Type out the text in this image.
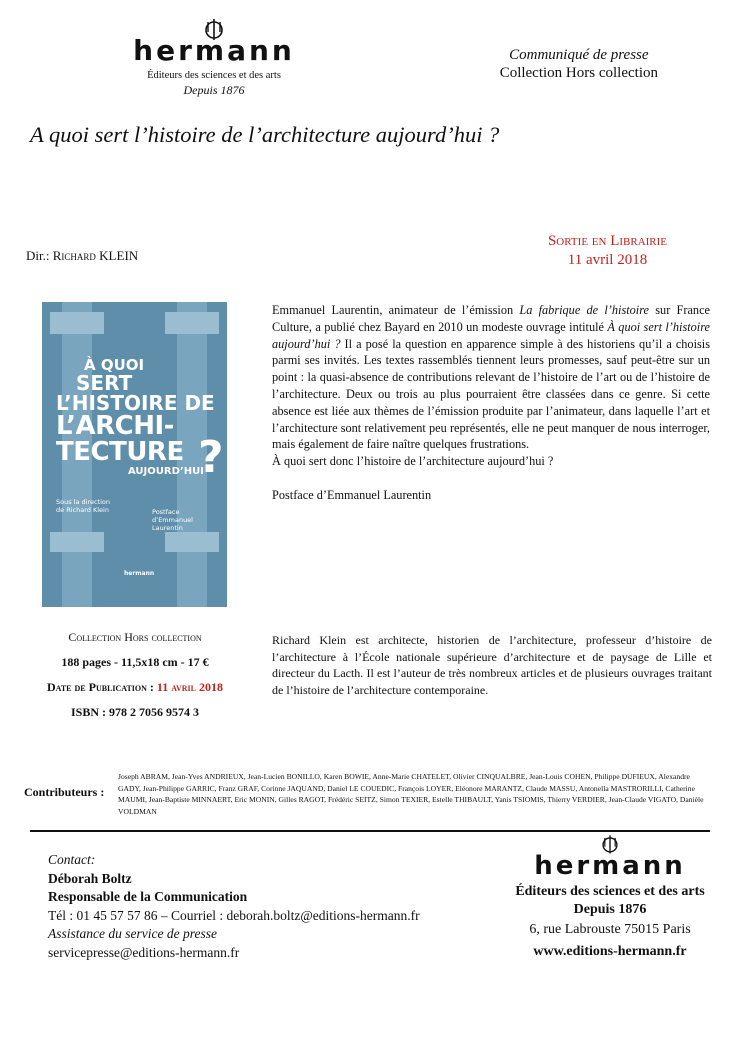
hermann
Éditeurs des sciences et des arts
Depuis 1876
Communiqué de presse
Collection Hors collection
A quoi sert l’histoire de l’architecture aujourd’hui ?
Dir.: Richard KLEIN
Sortie en Librairie
11 avril 2018
À QUOI
SERT
L’HISTOIRE DE
L’ARCHI-
TECTURE
AUJOURD’HUI
?
Sous la direction de Richard Klein	Postface d’Emmanuel Laurentin
hermann

Emmanuel Laurentin, animateur de l’émission La fabrique de l’histoire sur France Culture, a publié chez Bayard en 2010 un modeste ouvrage intitulé À quoi sert l’histoire aujourd’hui ? Il a posé la question en apparence simple à des historiens qu’il a choisis parmi ses invités. Les textes rassemblés tiennent leurs promesses, sauf peut-être sur un point : la quasi-absence de contributions relevant de l’histoire de l’art ou de l’histoire de l’architecture. Deux ou trois au plus pourraient être classées dans ce genre. Si cette absence est liée aux thèmes de l’émission produite par l’animateur, dans laquelle l’art et l’architecture sont relativement peu représentés, elle ne peut manquer de nous interroger, mais également de faire naître quelques frustrations.

À quoi sert donc l’histoire de l’architecture aujourd’hui ?

Postface d’Emmanuel Laurentin

Collection Hors collection
188 pages - 11,5x18 cm - 17 €
Date de Publication : 11 avril 2018
ISBN : 978 2 7056 9574 3
Richard Klein est architecte, historien de l’architecture, professeur d’histoire de l’architecture à l’École nationale supérieure d’architecture et de paysage de Lille et directeur du Lacth. Il est l’auteur de très nombreux articles et de plusieurs ouvrages traitant de l’histoire de l’architecture contemporaine.
Contributeurs :
Joseph ABRAM, Jean-Yves ANDRIEUX, Jean-Lucien BONILLO, Karen BOWIE, Anne-Marie CHATELET, Olivier CINQUALBRE, Jean-Louis COHEN, Philippe DUFIEUX, Alexandre GADY, Jean-Philippe GARRIC, Franz GRAF, Corinne JAQUAND, Daniel LE COUEDIC, François LOYER, Eléonore MARANTZ, Claude MASSU, Antonella MASTRORILLI, Catherine MAUMI, Jean-Baptiste MINNAERT, Eric MONIN, Gilles RAGOT, Frédéric SEITZ, Simon TEXIER, Estelle THIBAULT, Yanis TSIOMIS, Thierry VERDIER, Jean-Claude VIGATO, Danièle VOLDMAN
Contact:
Déborah Boltz
Responsable de la Communication
Tél : 01 45 57 57 86 – Courriel : deborah.boltz@editions-hermann.fr
Assistance du service de presse
servicepresse@editions-hermann.fr
hermann
Éditeurs des sciences et des arts
Depuis 1876
6, rue Labrouste 75015 Paris
www.editions-hermann.fr
